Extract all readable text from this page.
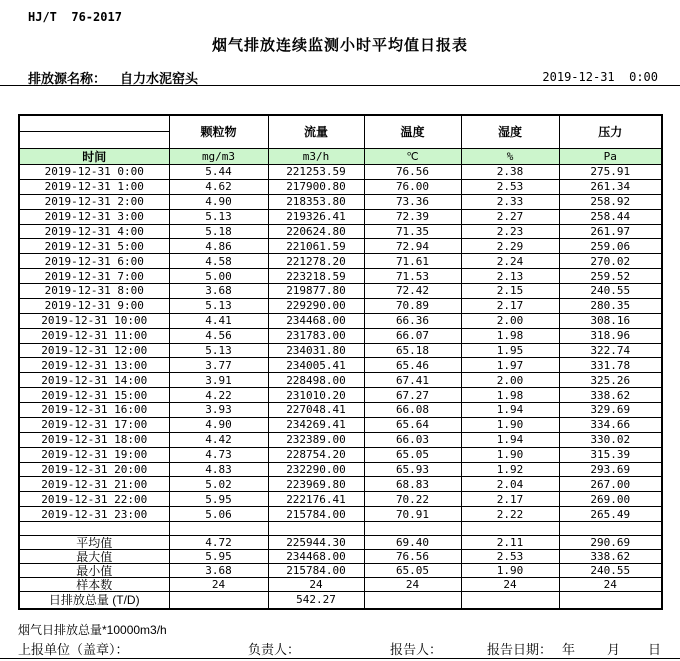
HJ/T  76-2017
烟气排放连续监测小时平均值日报表
排放源名称： 自力水泥窑头	2019-12-31  0:00
	颗粒物	流量	温度	湿度	压力
时间	mg/m3	m3/h	℃	%	Pa
2019-12-31 0:00	5.44	221253.59	76.56	2.38	275.91
2019-12-31 1:00	4.62	217900.80	76.00	2.53	261.34
2019-12-31 2:00	4.90	218353.80	73.36	2.33	258.92
2019-12-31 3:00	5.13	219326.41	72.39	2.27	258.44
2019-12-31 4:00	5.18	220624.80	71.35	2.23	261.97
2019-12-31 5:00	4.86	221061.59	72.94	2.29	259.06
2019-12-31 6:00	4.58	221278.20	71.61	2.24	270.02
2019-12-31 7:00	5.00	223218.59	71.53	2.13	259.52
2019-12-31 8:00	3.68	219877.80	72.42	2.15	240.55
2019-12-31 9:00	5.13	229290.00	70.89	2.17	280.35
2019-12-31 10:00	4.41	234468.00	66.36	2.00	308.16
2019-12-31 11:00	4.56	231783.00	66.07	1.98	318.96
2019-12-31 12:00	5.13	234031.80	65.18	1.95	322.74
2019-12-31 13:00	3.77	234005.41	65.46	1.97	331.78
2019-12-31 14:00	3.91	228498.00	67.41	2.00	325.26
2019-12-31 15:00	4.22	231010.20	67.27	1.98	338.62
2019-12-31 16:00	3.93	227048.41	66.08	1.94	329.69
2019-12-31 17:00	4.90	234269.41	65.64	1.90	334.66
2019-12-31 18:00	4.42	232389.00	66.03	1.94	330.02
2019-12-31 19:00	4.73	228754.20	65.05	1.90	315.39
2019-12-31 20:00	4.83	232290.00	65.93	1.92	293.69
2019-12-31 21:00	5.02	223969.80	68.83	2.04	267.00
2019-12-31 22:00	5.95	222176.41	70.22	2.17	269.00
2019-12-31 23:00	5.06	215784.00	70.91	2.22	265.49

平均值	4.72	225944.30	69.40	2.11	290.69
最大值	5.95	234468.00	76.56	2.53	338.62
最小值	3.68	215784.00	65.05	1.90	240.55
样本数	24	24	24	24	24
日排放总量 (T/D)		542.27			
烟气日排放总量*10000m3/h
上报单位（盖章）：	负责人：	报告人：	报告日期： 年 月 日
